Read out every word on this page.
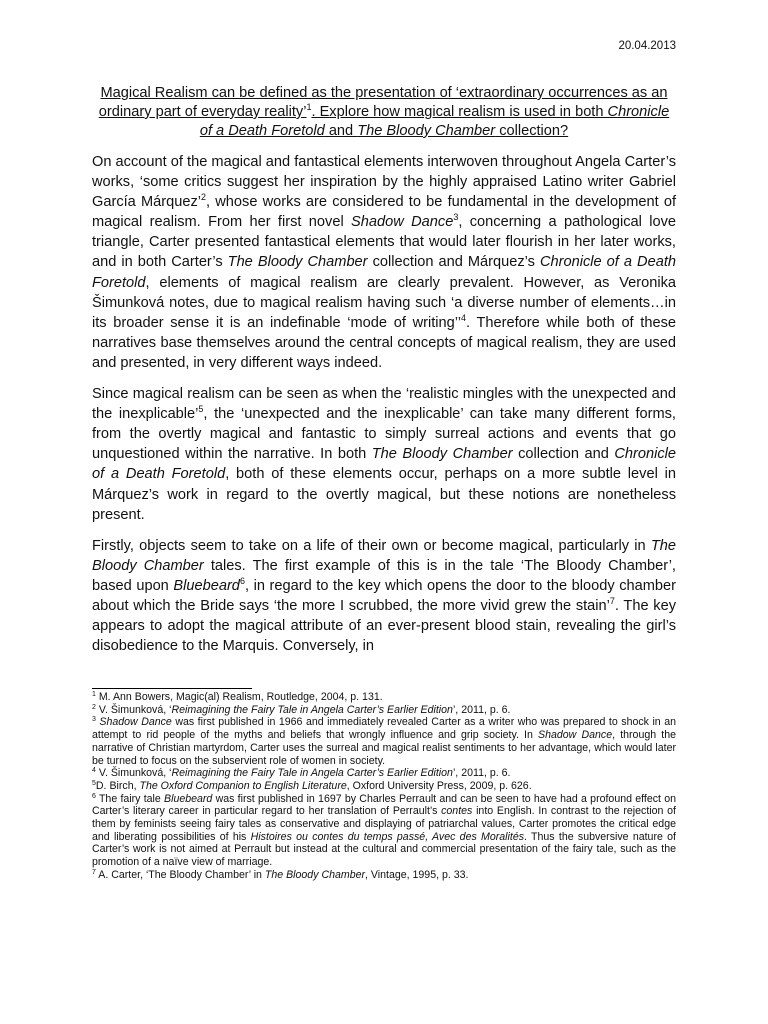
20.04.2013
Magical Realism can be defined as the presentation of ‘extraordinary occurrences as an ordinary part of everyday reality’$^1$. Explore how magical realism is used in both Chronicle of a Death Foretold and The Bloody Chamber collection?

On account of the magical and fantastical elements interwoven throughout Angela Carter’s works, ‘some critics suggest her inspiration by the highly appraised Latino writer Gabriel García Márquez’$^2$, whose works are considered to be fundamental in the development of magical realism. From her first novel Shadow Dance$^3$, concerning a pathological love triangle, Carter presented fantastical elements that would later flourish in her later works, and in both Carter’s The Bloody Chamber collection and Márquez’s Chronicle of a Death Foretold, elements of magical realism are clearly prevalent. However, as Veronika Šimunková notes, due to magical realism having such ‘a diverse number of elements…in its broader sense it is an indefinable ‘mode of writing’’$^4$. Therefore while both of these narratives base themselves around the central concepts of magical realism, they are used and presented, in very different ways indeed.

Since magical realism can be seen as when the ‘realistic mingles with the unexpected and the inexplicable’$^5$, the ‘unexpected and the inexplicable’ can take many different forms, from the overtly magical and fantastic to simply surreal actions and events that go unquestioned within the narrative. In both The Bloody Chamber collection and Chronicle of a Death Foretold, both of these elements occur, perhaps on a more subtle level in Márquez’s work in regard to the overtly magical, but these notions are nonetheless present.

Firstly, objects seem to take on a life of their own or become magical, particularly in The Bloody Chamber tales. The first example of this is in the tale ‘The Bloody Chamber’, based upon Bluebeard$^6$, in regard to the key which opens the door to the bloody chamber about which the Bride says ‘the more I scrubbed, the more vivid grew the stain’$^7$. The key appears to adopt the magical attribute of an ever-present blood stain, revealing the girl’s disobedience to the Marquis. Conversely, in

$^1$ M. Ann Bowers, Magic(al) Realism, Routledge, 2004, p. 131.

$^2$ V. Šimunková, ‘Reimagining the Fairy Tale in Angela Carter’s Earlier Edition’, 2011, p. 6.

$^3$ Shadow Dance was first published in 1966 and immediately revealed Carter as a writer who was prepared to shock in an attempt to rid people of the myths and beliefs that wrongly influence and grip society. In Shadow Dance, through the narrative of Christian martyrdom, Carter uses the surreal and magical realist sentiments to her advantage, which would later be turned to focus on the subservient role of women in society.

$^4$ V. Šimunková, ‘Reimagining the Fairy Tale in Angela Carter’s Earlier Edition’, 2011, p. 6.

$^5$D. Birch, The Oxford Companion to English Literature, Oxford University Press, 2009, p. 626.

$^6$ The fairy tale Bluebeard was first published in 1697 by Charles Perrault and can be seen to have had a profound effect on Carter’s literary career in particular regard to her translation of Perrault’s contes into English. In contrast to the rejection of them by feminists seeing fairy tales as conservative and displaying of patriarchal values, Carter promotes the critical edge and liberating possibilities of his Histoires ou contes du temps passé, Avec des Moralités. Thus the subversive nature of Carter’s work is not aimed at Perrault but instead at the cultural and commercial presentation of the fairy tale, such as the promotion of a naïve view of marriage.

$^7$ A. Carter, ‘The Bloody Chamber’ in The Bloody Chamber, Vintage, 1995, p. 33.
